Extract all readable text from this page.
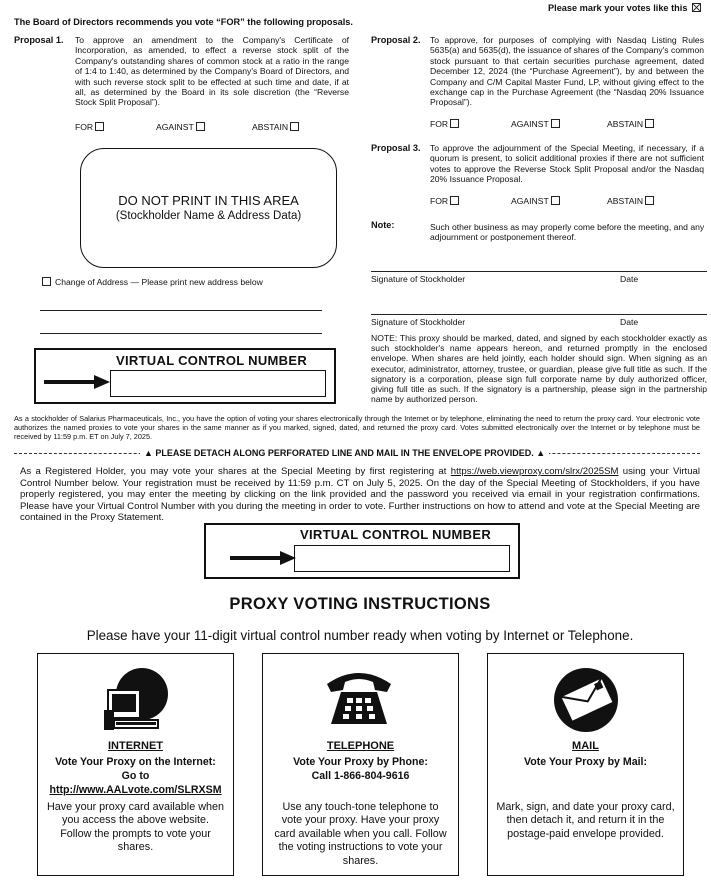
Please mark your votes like this
The Board of Directors recommends you vote “FOR” the following proposals.
Proposal 1. To approve an amendment to the Company's Certificate of Incorporation, as amended, to effect a reverse stock split of the Company's outstanding shares of common stock at a ratio in the range of 1:4 to 1:40, as determined by the Company's Board of Directors, and with such reverse stock split to be effected at such time and date, if at all, as determined by the Board in its sole discretion (the “Reverse Stock Split Proposal”).
FOR	AGAINST	ABSTAIN
DO NOT PRINT IN THIS AREA
(Stockholder Name & Address Data)
Change of Address — Please print new address below
VIRTUAL CONTROL NUMBER
Proposal 2. To approve, for purposes of complying with Nasdaq Listing Rules 5635(a) and 5635(d), the issuance of shares of the Company's common stock pursuant to that certain securities purchase agreement, dated December 12, 2024 (the “Purchase Agreement”), by and between the Company and C/M Capital Master Fund, LP, without giving effect to the exchange cap in the Purchase Agreement (the “Nasdaq 20% Issuance Proposal”).
FOR	AGAINST	ABSTAIN
Proposal 3. To approve the adjournment of the Special Meeting, if necessary, if a quorum is present, to solicit additional proxies if there are not sufficient votes to approve the Reverse Stock Split Proposal and/or the Nasdaq 20% Issuance Proposal.
FOR	AGAINST	ABSTAIN
Note:	Such other business as may properly come before the meeting, and any adjournment or postponement thereof.
Signature of Stockholder	Date
Signature of Stockholder	Date
NOTE: This proxy should be marked, dated, and signed by each stockholder exactly as such stockholder's name appears hereon, and returned promptly in the enclosed envelope. When shares are held jointly, each holder should sign. When signing as an executor, administrator, attorney, trustee, or guardian, please give full title as such. If the signatory is a corporation, please sign full corporate name by duly authorized officer, giving full title as such. If the signatory is a partnership, please sign in the partnership name by authorized person.
As a stockholder of Salarius Pharmaceuticals, Inc., you have the option of voting your shares electronically through the Internet or by telephone, eliminating the need to return the proxy card. Your electronic vote authorizes the named proxies to vote your shares in the same manner as if you marked, signed, dated, and returned the proxy card. Votes submitted electronically over the Internet or by telephone must be received by 11:59 p.m. ET on July 7, 2025.
▲ PLEASE DETACH ALONG PERFORATED LINE AND MAIL IN THE ENVELOPE PROVIDED. ▲
As a Registered Holder, you may vote your shares at the Special Meeting by first registering at https://web.viewproxy.com/slrx/2025SM using your Virtual Control Number below. Your registration must be received by 11:59 p.m. CT on July 5, 2025. On the day of the Special Meeting of Stockholders, if you have properly registered, you may enter the meeting by clicking on the link provided and the password you received via email in your registration confirmations. Please have your Virtual Control Number with you during the meeting in order to vote. Further instructions on how to attend and vote at the Special Meeting are contained in the Proxy Statement.
VIRTUAL CONTROL NUMBER
PROXY VOTING INSTRUCTIONS
Please have your 11-digit virtual control number ready when voting by Internet or Telephone.
INTERNET
Vote Your Proxy on the Internet:
Go to
http://www.AALvote.com/SLRXSM
Have your proxy card available when you access the above website. Follow the prompts to vote your shares.
TELEPHONE
Vote Your Proxy by Phone:
Call 1-866-804-9616
Use any touch-tone telephone to vote your proxy. Have your proxy card available when you call. Follow the voting instructions to vote your shares.
MAIL
Vote Your Proxy by Mail:
Mark, sign, and date your proxy card, then detach it, and return it in the postage-paid envelope provided.
